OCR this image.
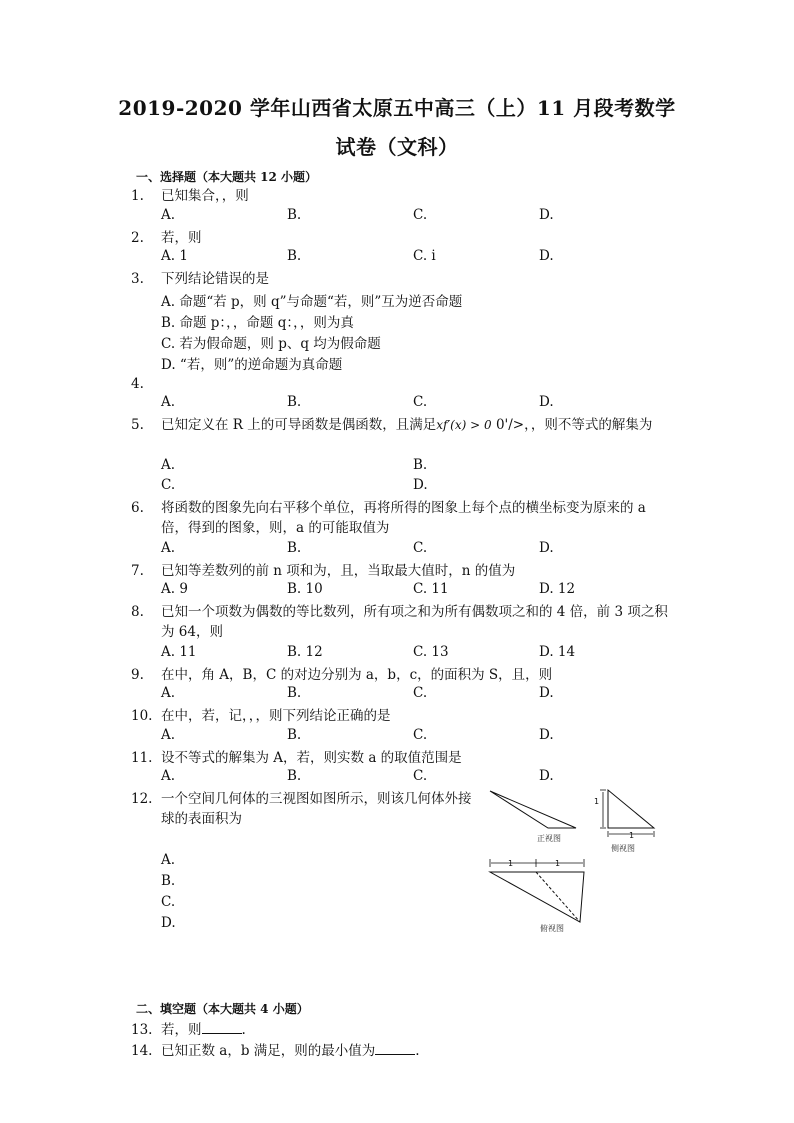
2019-2020 学年山西省太原五中高三（上）11 月段考数学
试卷（文科）
一、选择题（本大题共 12 小题）
1.	已知集合，，则
A.	B.	C.	D.
2.	若，则
A. 1	B.	C. i	D.
3.	下列结论错误的是
A. 命题“若 p，则 q”与命题“若，则”互为逆否命题
B. 命题 p：，，命题 q：，，则为真
C. 若为假命题，则 p、q 均为假命题
D. “若，则”的逆命题为真命题
4.
A.	B.	C.	D.
5.	已知定义在 R 上的可导函数是偶函数，且满足xf′(x) > 0 0'/>，，则不等式的解集为
A.	B.
C.	D.
6.	将函数的图象先向右平移个单位，再将所得的图象上每个点的横坐标变为原来的 a 倍，得到的图象，则，a 的可能取值为
A.	B.	C.	D.
7.	已知等差数列的前 n 项和为，且，当取最大值时，n 的值为
A. 9	B. 10	C. 11	D. 12
8.	已知一个项数为偶数的等比数列，所有项之和为所有偶数项之和的 4 倍，前 3 项之积为 64，则
A. 11	B. 12	C. 13	D. 14
9.	在中，角 A，B，C 的对边分别为 a，b，c，的面积为 S，且，则
A.	B.	C.	D.
10. 在中，若，记，，，则下列结论正确的是
A.	B.	C.	D.
11. 设不等式的解集为 A，若，则实数 a 的取值范围是
A.	B.	C.	D.
12. 一个空间几何体的三视图如图所示，则该几何体外接球的表面积为
A.
B.
C.
D.
正视图
1
1
侧视图
1	1
俯视图
二、填空题（本大题共 4 小题）
13. 若，则	.
14. 已知正数 a，b 满足，则的最小值为	.
